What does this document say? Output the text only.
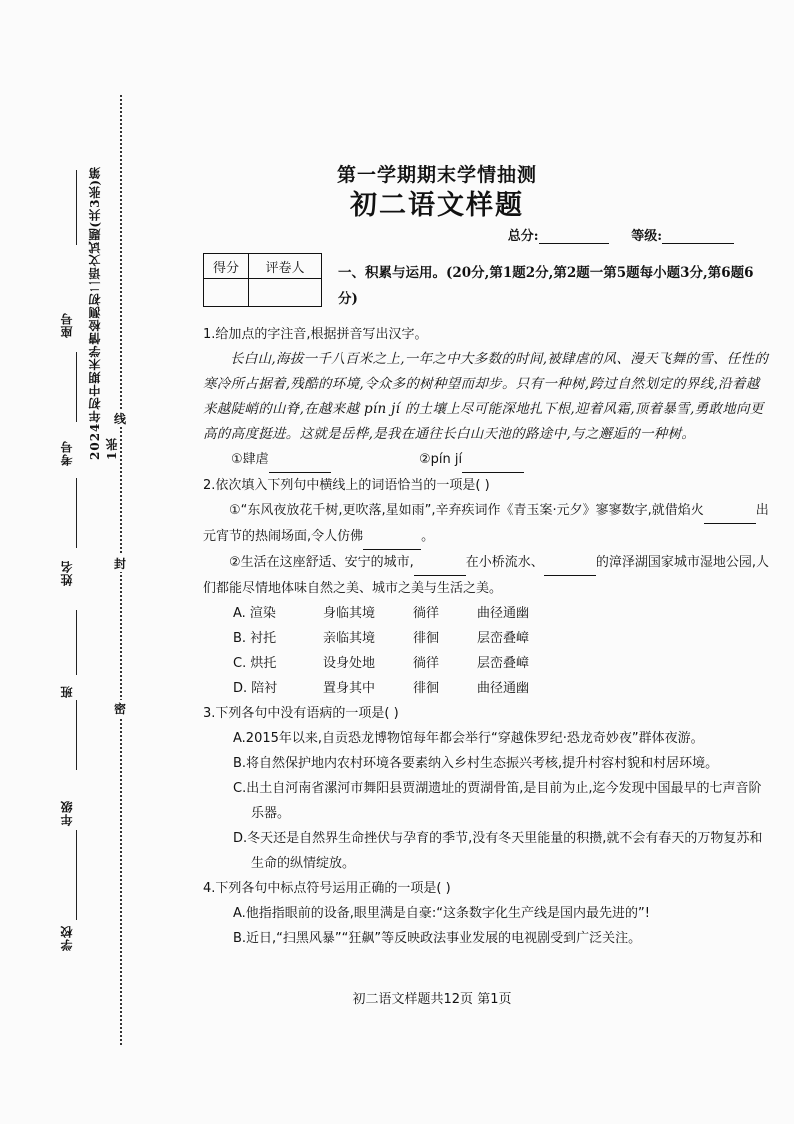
线
封
密
2024年初中期末学情检测初二语文试题(共3张)第1张
座号
考号
姓名
班
年级
学校
第一学期期末学情抽测
初二语文样题
总分:	等级:
得分	评卷人
	一、积累与运用。(20分,第1题2分,第2题一第5题每小题3分,第6题6分)

1.给加点的字注音,根据拼音写出汉字。

长白山,海拔一千八百米之上,一年之中大多数的时间,被肆虐的风、漫天飞舞的雪、任性的寒冷所占据着,残酷的环境,令众多的树种望而却步。只有一种树,跨过自然划定的界线,沿着越来越陡峭的山脊,在越来越 pín jí 的土壤上尽可能深地扎下根,迎着风霜,顶着暴雪,勇敢地向更高的高度挺进。这就是岳桦,是我在通往长白山天池的路途中,与之邂逅的一种树。

①肆虐	②pín jí

2.依次填入下列句中横线上的词语恰当的一项是( )

①“东风夜放花千树,更吹落,星如雨”,辛弃疾词作《青玉案·元夕》寥寥数字,就借焰火	出元宵节的热闹场面,令人仿佛	。

②生活在这座舒适、安宁的城市,	在小桥流水、	的漳泽湖国家城市湿地公园,人们都能尽情地体味自然之美、城市之美与生活之美。

A. 渲染	身临其境	徜徉	曲径通幽
B. 衬托	亲临其境	徘徊	层峦叠嶂
C. 烘托	设身处地	徜徉	层峦叠嶂
D. 陪衬	置身其中	徘徊	曲径通幽

3.下列各句中没有语病的一项是( )

A.2015年以来,自贡恐龙博物馆每年都会举行“穿越侏罗纪·恐龙奇妙夜”群体夜游。

B.将自然保护地内农村环境各要素纳入乡村生态振兴考核,提升村容村貌和村居环境。

C.出土自河南省漯河市舞阳县贾湖遗址的贾湖骨笛,是目前为止,迄今发现中国最早的七声音阶乐器。

D.冬天还是自然界生命挫伏与孕育的季节,没有冬天里能量的积攒,就不会有春天的万物复苏和生命的纵情绽放。

4.下列各句中标点符号运用正确的一项是( )

A.他指指眼前的设备,眼里满是自豪:“这条数字化生产线是国内最先进的”!

B.近日,“扫黑风暴”“狂飙”等反映政法事业发展的电视剧受到广泛关注。

初二语文样题共12页 第1页
